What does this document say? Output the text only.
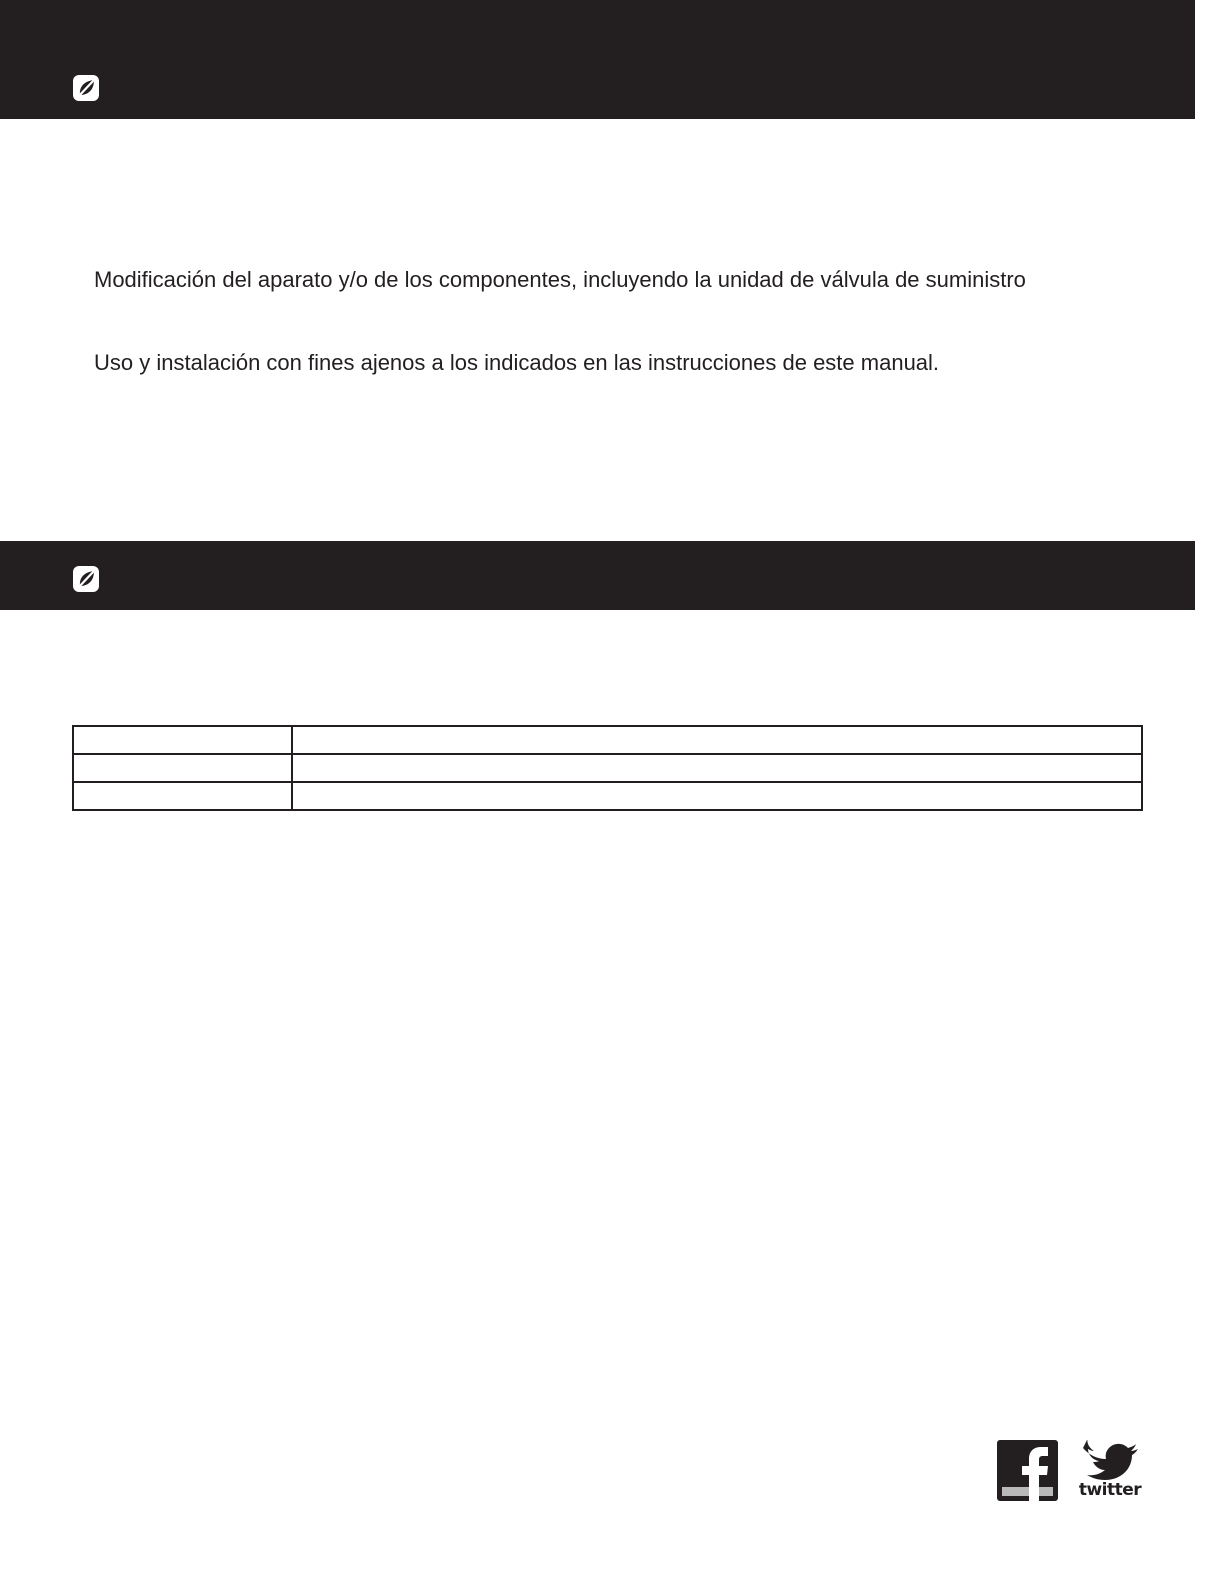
Modificación del aparato y/o de los componentes, incluyendo la unidad de válvula de suministro

Uso y instalación con fines ajenos a los indicados en las instrucciones de este manual.

twitter
